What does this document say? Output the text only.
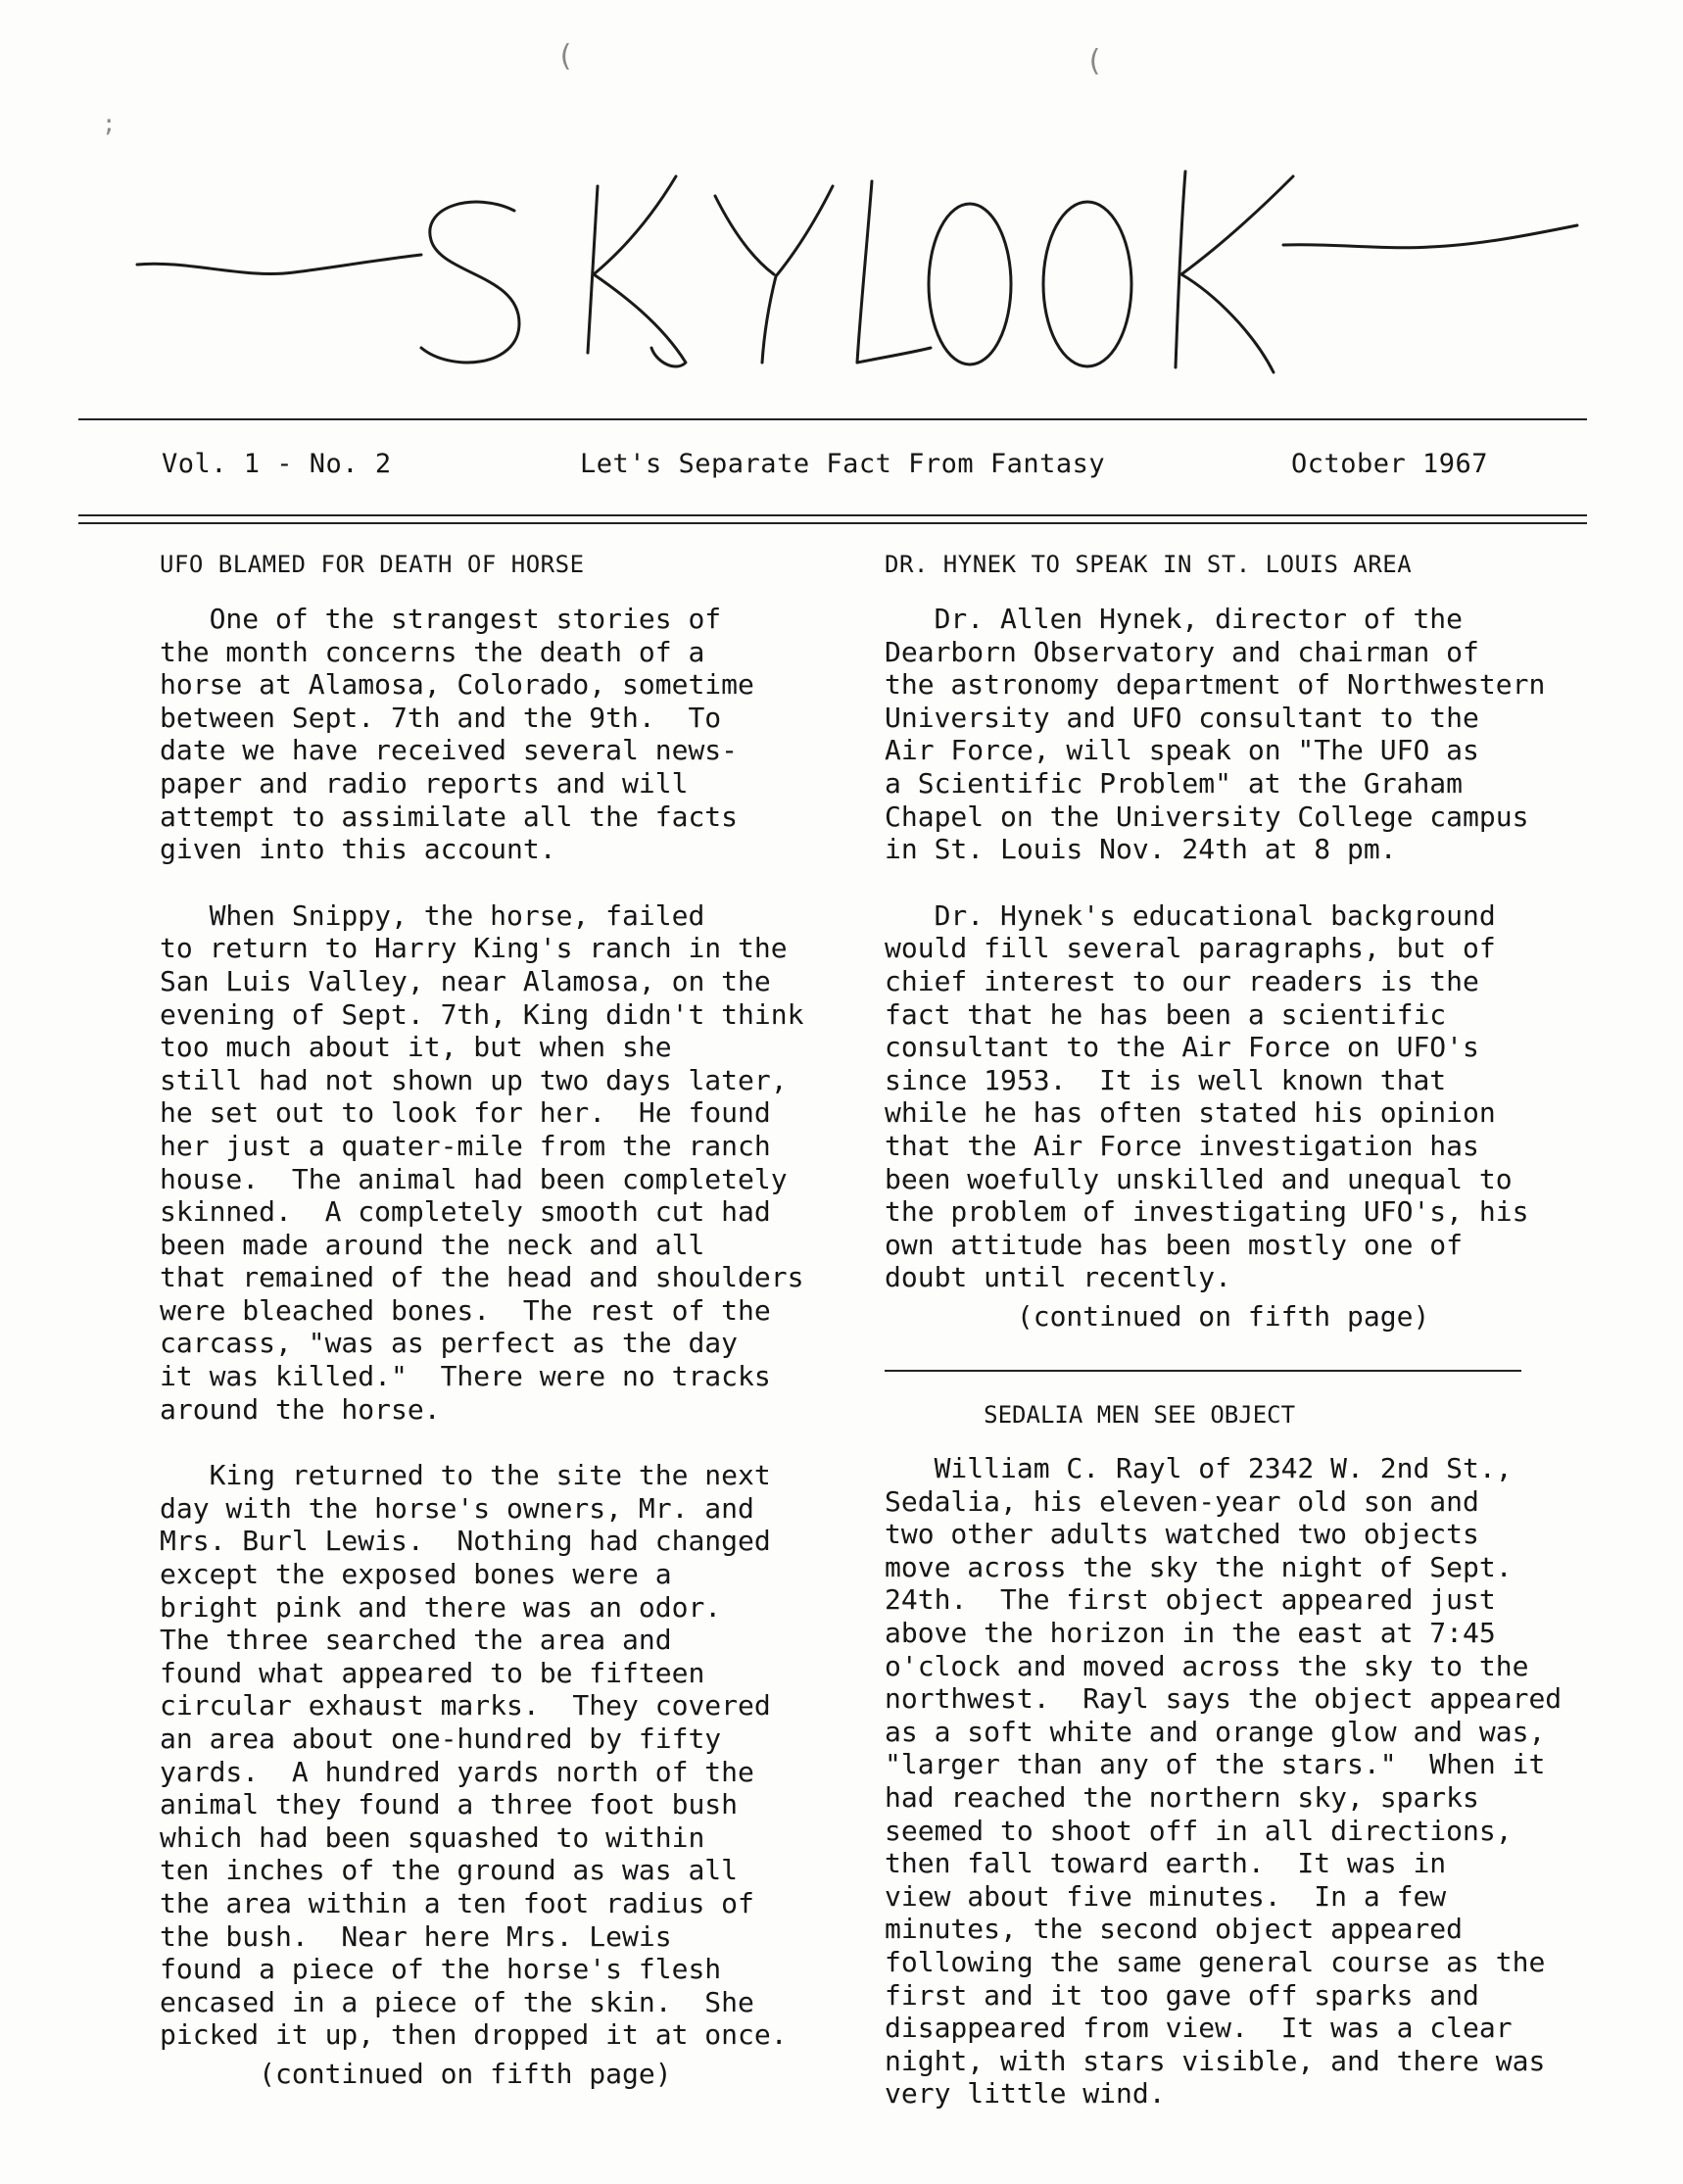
Vol. 1 - No. 2	Let's Separate Fact From Fantasy	October 1967
UFO BLAMED FOR DEATH OF HORSE
One of the strangest stories of
the month concerns the death of a
horse at Alamosa, Colorado, sometime
between Sept. 7th and the 9th.  To
date we have received several news-
paper and radio reports and will
attempt to assimilate all the facts
given into this account.
When Snippy, the horse, failed
to return to Harry King's ranch in the
San Luis Valley, near Alamosa, on the
evening of Sept. 7th, King didn't think
too much about it, but when she
still had not shown up two days later,
he set out to look for her.  He found
her just a quater-mile from the ranch
house.  The animal had been completely
skinned.  A completely smooth cut had
been made around the neck and all
that remained of the head and shoulders
were bleached bones.  The rest of the
carcass, "was as perfect as the day
it was killed."  There were no tracks
around the horse.
King returned to the site the next
day with the horse's owners, Mr. and
Mrs. Burl Lewis.  Nothing had changed
except the exposed bones were a
bright pink and there was an odor.
The three searched the area and
found what appeared to be fifteen
circular exhaust marks.  They covered
an area about one-hundred by fifty
yards.  A hundred yards north of the
animal they found a three foot bush
which had been squashed to within
ten inches of the ground as was all
the area within a ten foot radius of
the bush.  Near here Mrs. Lewis
found a piece of the horse's flesh
encased in a piece of the skin.  She
picked it up, then dropped it at once.
(continued on fifth page)
DR. HYNEK TO SPEAK IN ST. LOUIS AREA
Dr. Allen Hynek, director of the
Dearborn Observatory and chairman of
the astronomy department of Northwestern
University and UFO consultant to the
Air Force, will speak on "The UFO as
a Scientific Problem" at the Graham
Chapel on the University College campus
in St. Louis Nov. 24th at 8 pm.
Dr. Hynek's educational background
would fill several paragraphs, but of
chief interest to our readers is the
fact that he has been a scientific
consultant to the Air Force on UFO's
since 1953.  It is well known that
while he has often stated his opinion
that the Air Force investigation has
been woefully unskilled and unequal to
the problem of investigating UFO's, his
own attitude has been mostly one of
doubt until recently.
(continued on fifth page)
SEDALIA MEN SEE OBJECT
William C. Rayl of 2342 W. 2nd St.,
Sedalia, his eleven-year old son and
two other adults watched two objects
move across the sky the night of Sept.
24th.  The first object appeared just
above the horizon in the east at 7:45
o'clock and moved across the sky to the
northwest.  Rayl says the object appeared
as a soft white and orange glow and was,
"larger than any of the stars."  When it
had reached the northern sky, sparks
seemed to shoot off in all directions,
then fall toward earth.  It was in
view about five minutes.  In a few
minutes, the second object appeared
following the same general course as the
first and it too gave off sparks and
disappeared from view.  It was a clear
night, with stars visible, and there was
very little wind.
(	(
;
